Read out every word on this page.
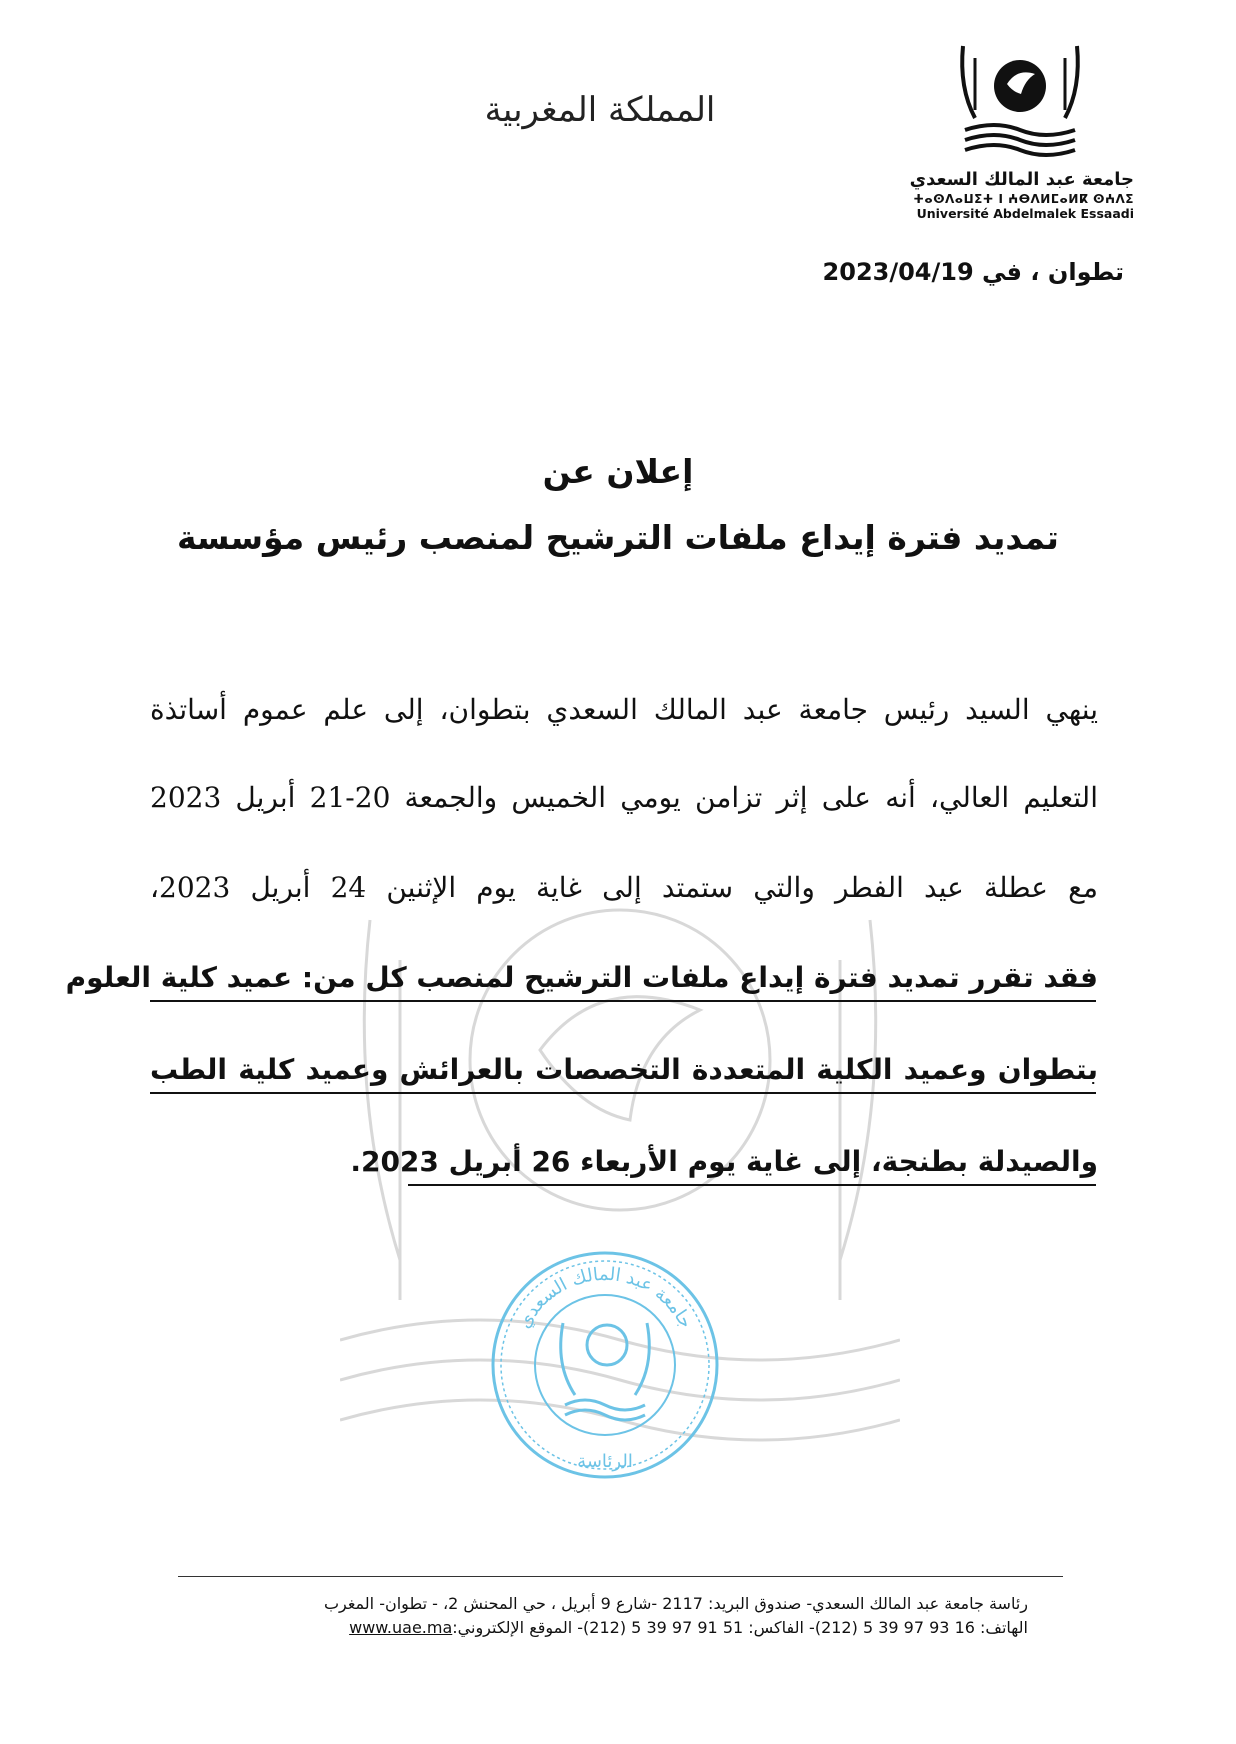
المملكة المغربية
جامعة عبد المالك السعدي
ⵜⴰⵙⴷⴰⵡⵉⵜ ⵏ ⵄⴱⴷⵍⵎⴰⵍⴽ ⵙⵄⴷⵉ
Université Abdelmalek Essaadi
تطوان ، في 2023/04/19
إعلان عن
تمديد فترة إيداع ملفات الترشيح لمنصب رئيس مؤسسة
ينهي السيد رئيس جامعة عبد المالك السعدي بتطوان، إلى علم عموم أساتذة
التعليم العالي، أنه على إثر تزامن يومي الخميس والجمعة 20-21 أبريل 2023
مع عطلة عيد الفطر والتي ستمتد إلى غاية يوم الإثنين 24 أبريل 2023،
فقد تقرر تمديد فترة إيداع ملفات الترشيح لمنصب كل من: عميد كلية العلوم
بتطوان وعميد الكلية المتعددة التخصصات بالعرائش وعميد كلية الطب
والصيدلة بطنجة، إلى غاية يوم الأربعاء 26 أبريل 2023.
جامعة عبد المالك السعدي
الرئاسة
رئاسة جامعة عبد المالك السعدي- صندوق البريد: 2117 -شارع 9 أبريل ، حي المحنش 2، - تطوان- المغرب
الهاتف: 16 93 97 39 5 (212)- الفاكس: 51 91 97 39 5 (212)- الموقع الإلكتروني:www.uae.ma
